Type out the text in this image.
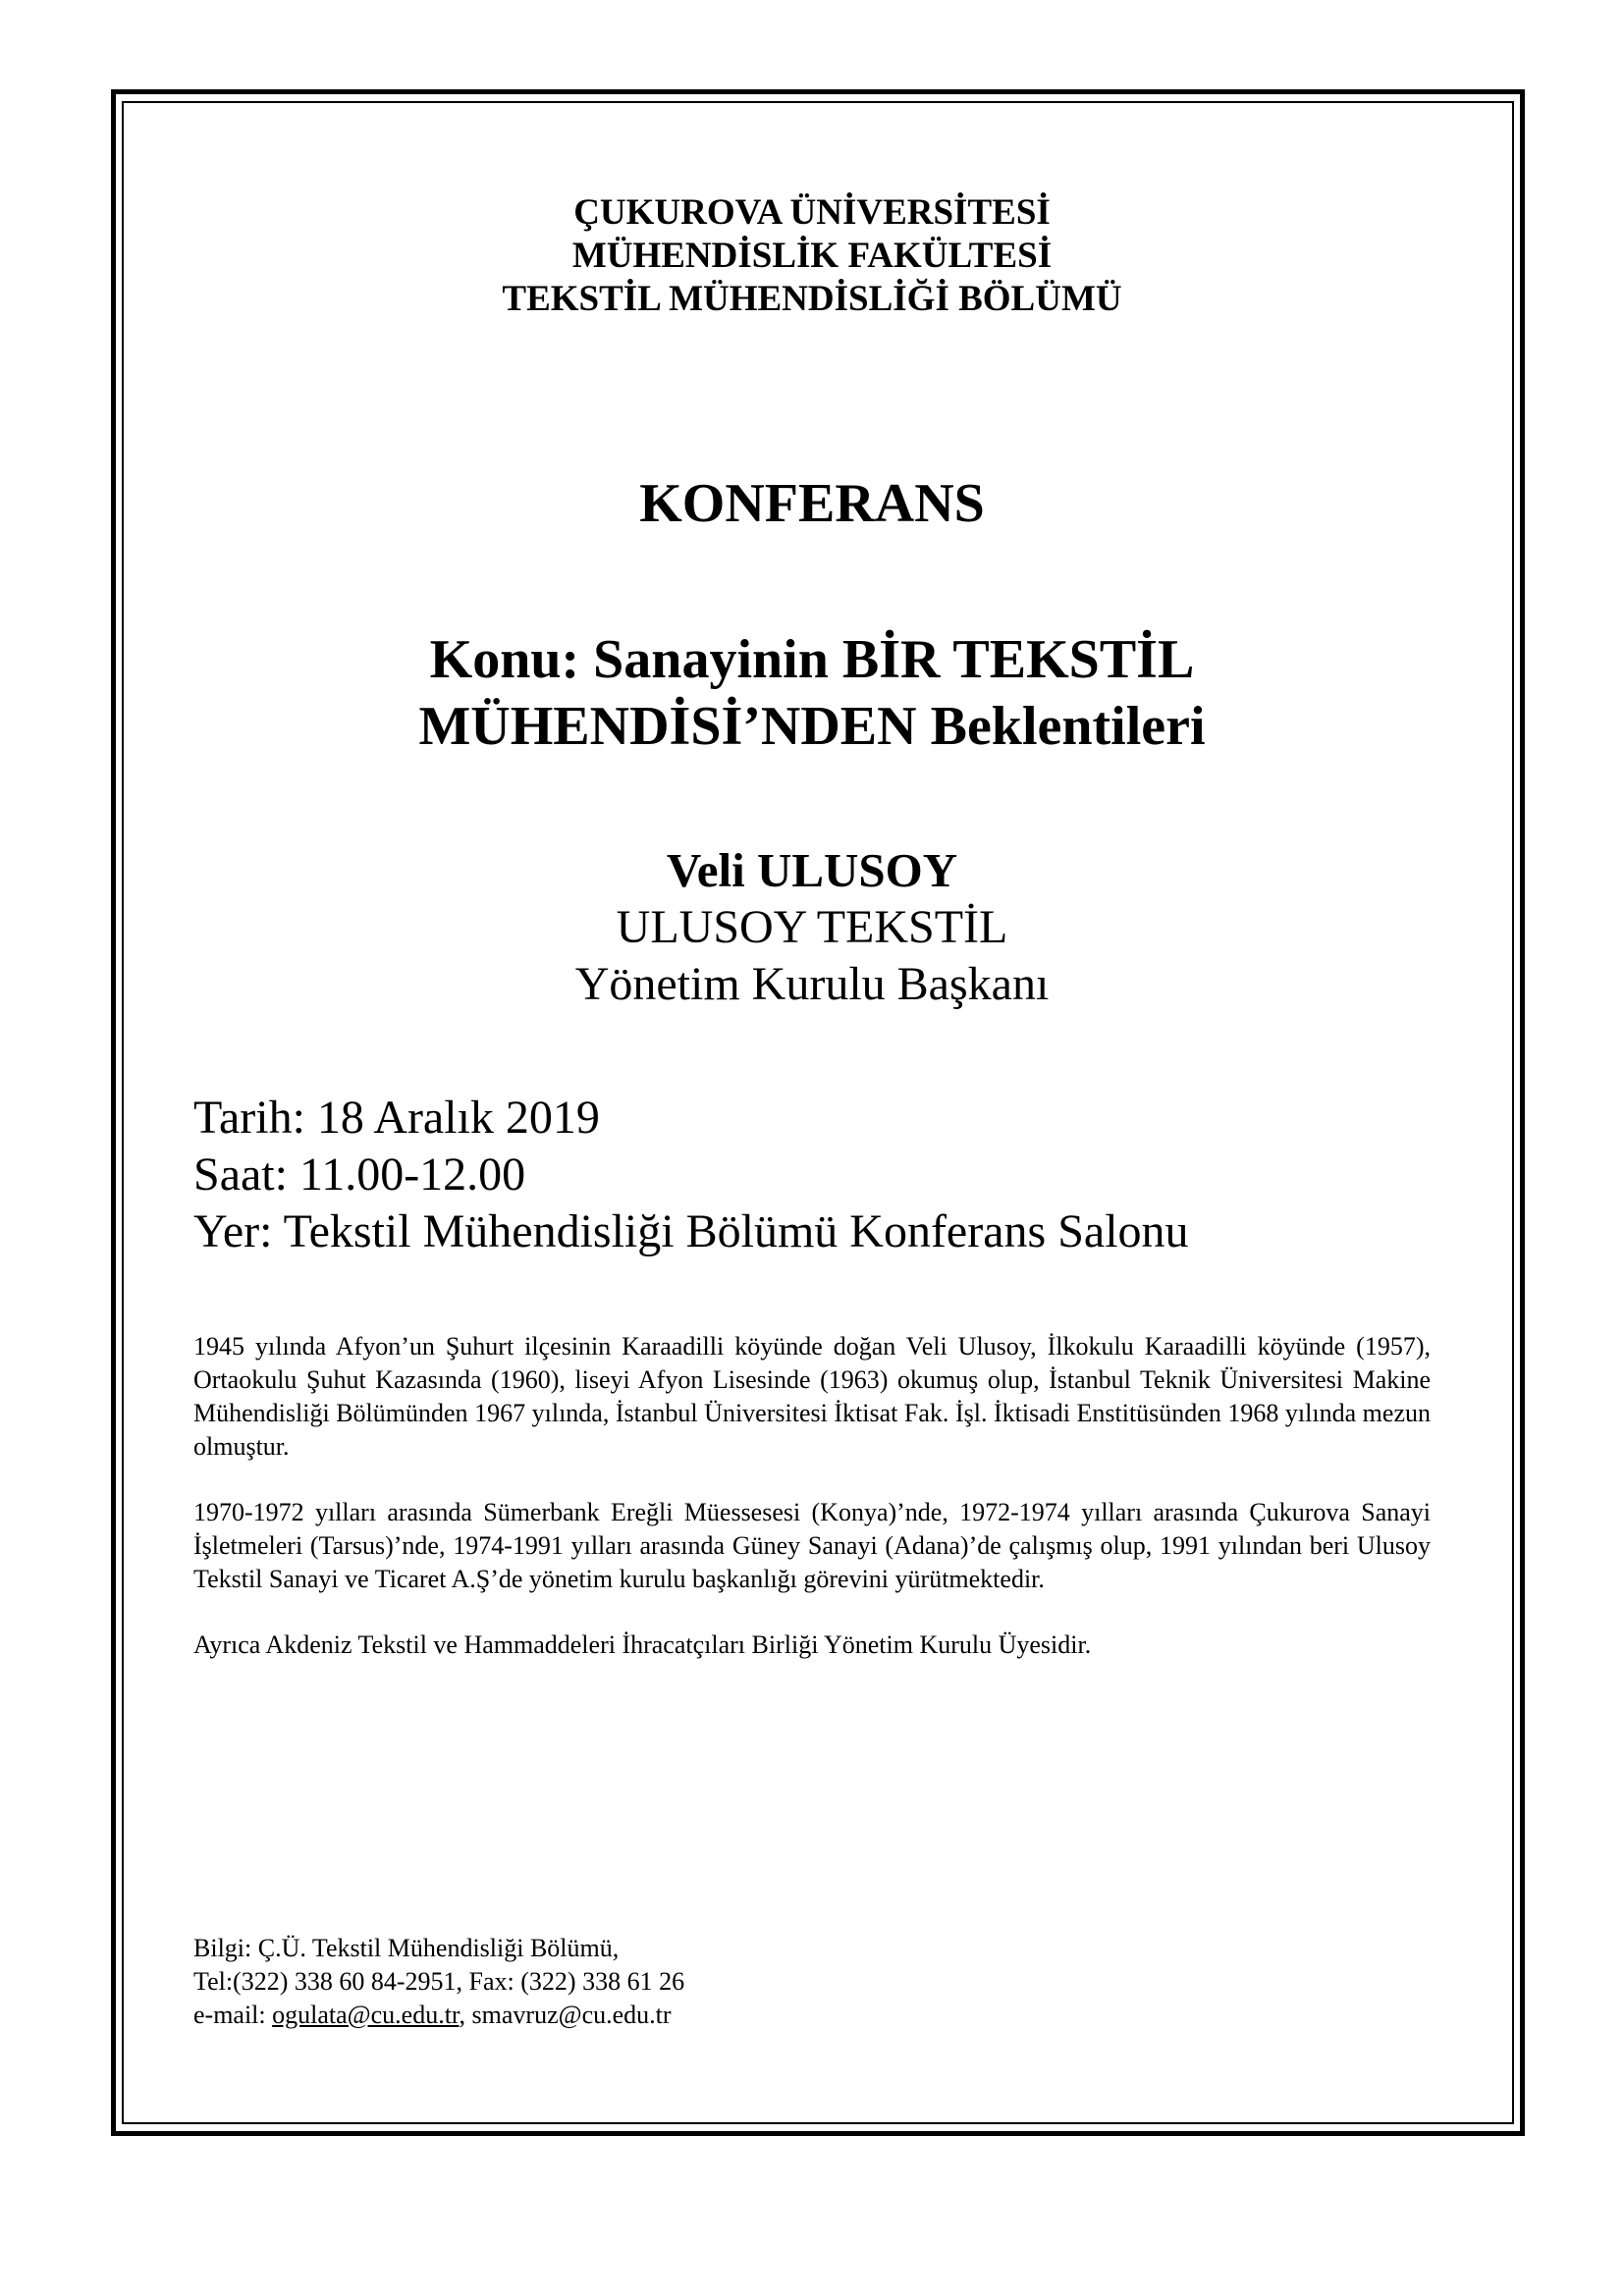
ÇUKUROVA ÜNİVERSİTESİ
MÜHENDİSLİK FAKÜLTESİ
TEKSTİL MÜHENDİSLİĞİ BÖLÜMÜ
KONFERANS
Konu: Sanayinin BİR TEKSTİL
MÜHENDİSİ’NDEN Beklentileri
Veli ULUSOY
ULUSOY TEKSTİL
Yönetim Kurulu Başkanı
Tarih: 18 Aralık 2019
Saat: 11.00-12.00
Yer: Tekstil Mühendisliği Bölümü Konferans Salonu

1945 yılında Afyon’un Şuhurt ilçesinin Karaadilli köyünde doğan Veli Ulusoy, İlkokulu Karaadilli köyünde (1957), Ortaokulu Şuhut Kazasında (1960), liseyi Afyon Lisesinde (1963) okumuş olup, İstanbul Teknik Üniversitesi Makine Mühendisliği Bölümünden 1967 yılında, İstanbul Üniversitesi İktisat Fak. İşl. İktisadi Enstitüsünden 1968 yılında mezun olmuştur.

1970-1972 yılları arasında Sümerbank Ereğli Müessesesi (Konya)’nde, 1972-1974 yılları arasında Çukurova Sanayi İşletmeleri (Tarsus)’nde, 1974-1991 yılları arasında Güney Sanayi (Adana)’de çalışmış olup, 1991 yılından beri Ulusoy Tekstil Sanayi ve Ticaret A.Ş’de yönetim kurulu başkanlığı görevini yürütmektedir.

Ayrıca Akdeniz Tekstil ve Hammaddeleri İhracatçıları Birliği Yönetim Kurulu Üyesidir.

Bilgi: Ç.Ü. Tekstil Mühendisliği Bölümü,
Tel:(322) 338 60 84-2951, Fax: (322) 338 61 26
e-mail: ogulata@cu.edu.tr, smavruz@cu.edu.tr
